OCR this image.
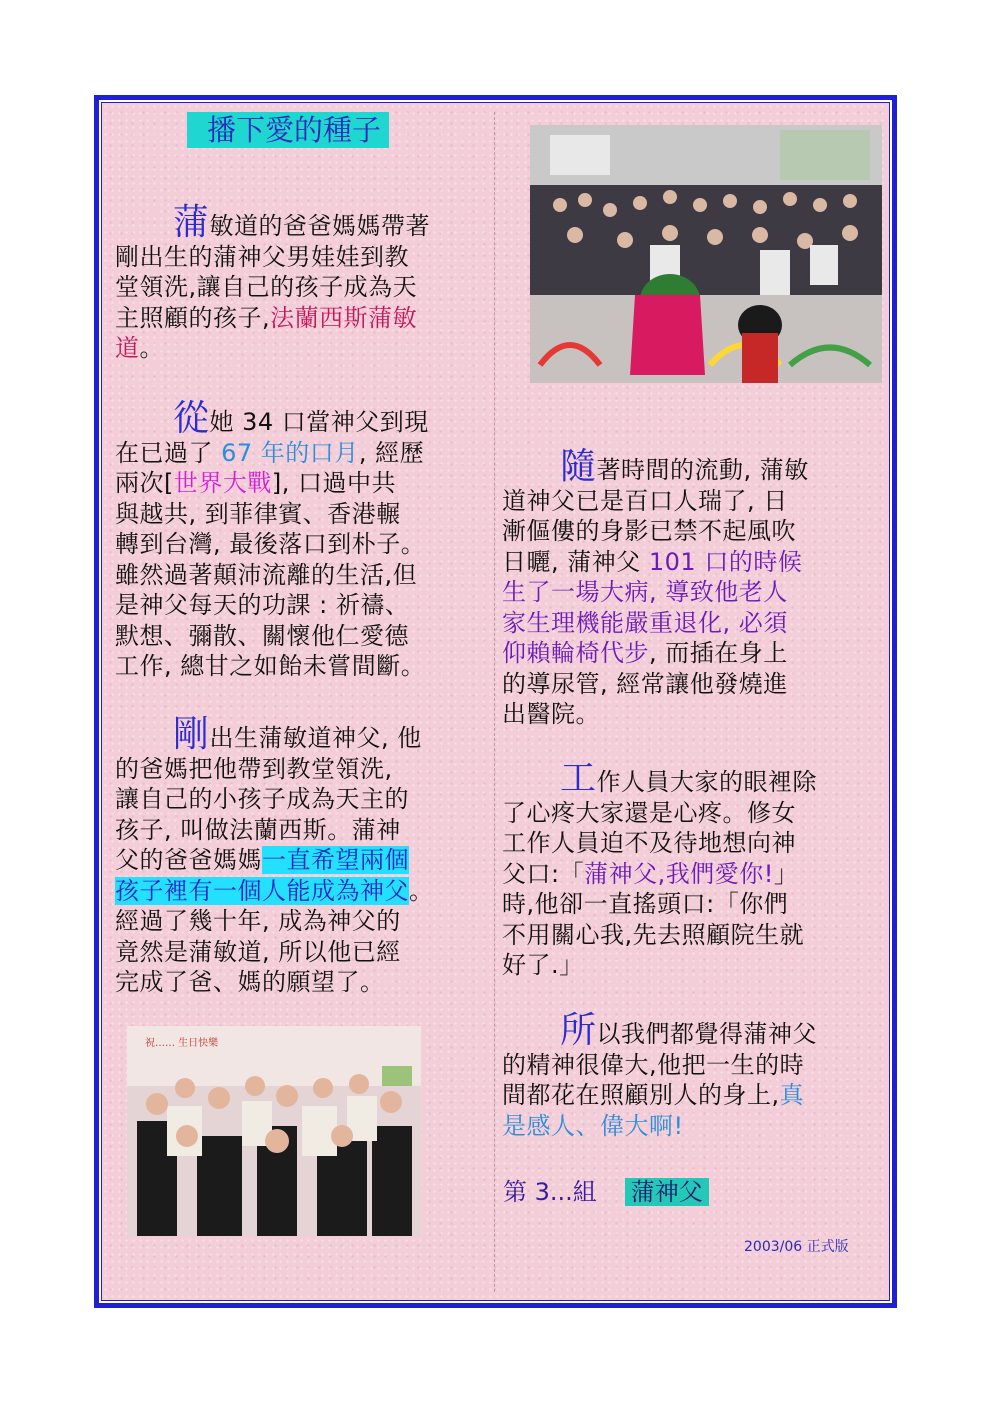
播下愛的種子
蒲敏道的爸爸媽媽帶著
剛出生的蒲神父男娃娃到教
堂領洗,讓自己的孩子成為天
主照顧的孩子,法蘭西斯蒲敏
道。
從她 34 口當神父到現
在已過了 67 年的口月, 經歷
兩次[世界大戰], 口過中共
與越共, 到菲律賓、香港輾
轉到台灣, 最後落口到朴子。
雖然過著顛沛流離的生活,但
是神父每天的功課 : 祈禱、
默想、彌散、關懷他仁愛德
工作, 總甘之如飴未嘗間斷。
剛出生蒲敏道神父, 他
的爸媽把他帶到教堂領洗,
讓自己的小孩子成為天主的
孩子, 叫做法蘭西斯。蒲神
父的爸爸媽媽一直希望兩個
孩子裡有一個人能成為神父。
經過了幾十年, 成為神父的
竟然是蒲敏道, 所以他已經
完成了爸、媽的願望了。
隨著時間的流動, 蒲敏
道神父已是百口人瑞了, 日
漸傴僂的身影已禁不起風吹
日曬, 蒲神父 101 口的時候
生了一場大病, 導致他老人
家生理機能嚴重退化, 必須
仰賴輪椅代步, 而插在身上
的導尿管, 經常讓他發燒進
出醫院。
工作人員大家的眼裡除
了心疼大家還是心疼。修女
工作人員迫不及待地想向神
父口:「蒲神父,我們愛你!」
時,他卻一直搖頭口:「你們
不用關心我,先去照顧院生就
好了.」
祝…… 生日快樂	所以我們都覺得蒲神父
的精神很偉大,他把一生的時
間都花在照顧別人的身上,真
是感人、偉大啊!
第 3...組 蒲神父
2003/06 正式版
